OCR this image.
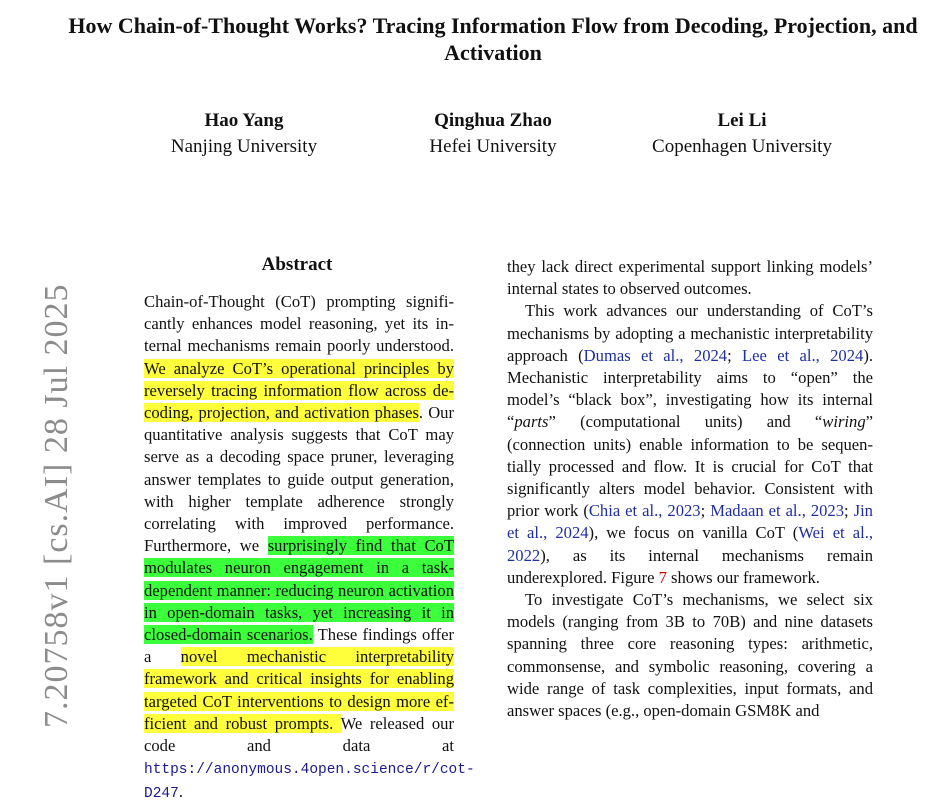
How Chain-of-Thought Works? Tracing Information Flow from Decoding, Projection, and Activation
Hao Yang
Nanjing University
Qinghua Zhao
Hefei University
Lei Li
Copenhagen University
7.20758v1 [cs.AI] 28 Jul 2025
Abstract
Chain-of-Thought (CoT) prompting significantly enhances model reasoning, yet its internal mechanisms remain poorly understood. We analyze CoT’s operational principles by reversely tracing information flow across decoding, projection, and activation phases. Our quantitative analysis suggests that CoT may serve as a decoding space pruner, leveraging answer templates to guide output generation, with higher template adherence strongly correlating with improved performance. Furthermore, we surprisingly find that CoT modulates neuron engagement in a task-dependent manner: reducing neuron activation in open-domain tasks, yet increasing it in closed-domain scenarios. These findings offer a novel mechanistic interpretability framework and critical insights for enabling targeted CoT interventions to design more efficient and robust prompts. We released our code and data at https://anonymous.4open.science/r/cot-D247.

they lack direct experimental support linking models’ internal states to observed outcomes.

This work advances our understanding of CoT’s mechanisms by adopting a mechanistic interpretability approach (Dumas et al., 2024; Lee et al., 2024). Mechanistic interpretability aims to “open” the model’s “black box”, investigating how its internal “parts” (computational units) and “wiring” (connection units) enable information to be sequentially processed and flow. It is crucial for CoT that significantly alters model behavior. Consistent with prior work (Chia et al., 2023; Madaan et al., 2023; Jin et al., 2024), we focus on vanilla CoT (Wei et al., 2022), as its internal mechanisms remain underexplored. Figure 7 shows our framework.

To investigate CoT’s mechanisms, we select six models (ranging from 3B to 70B) and nine datasets spanning three core reasoning types: arithmetic, commonsense, and symbolic reasoning, covering a wide range of task complexities, input formats, and answer spaces (e.g., open-domain GSM8K and
